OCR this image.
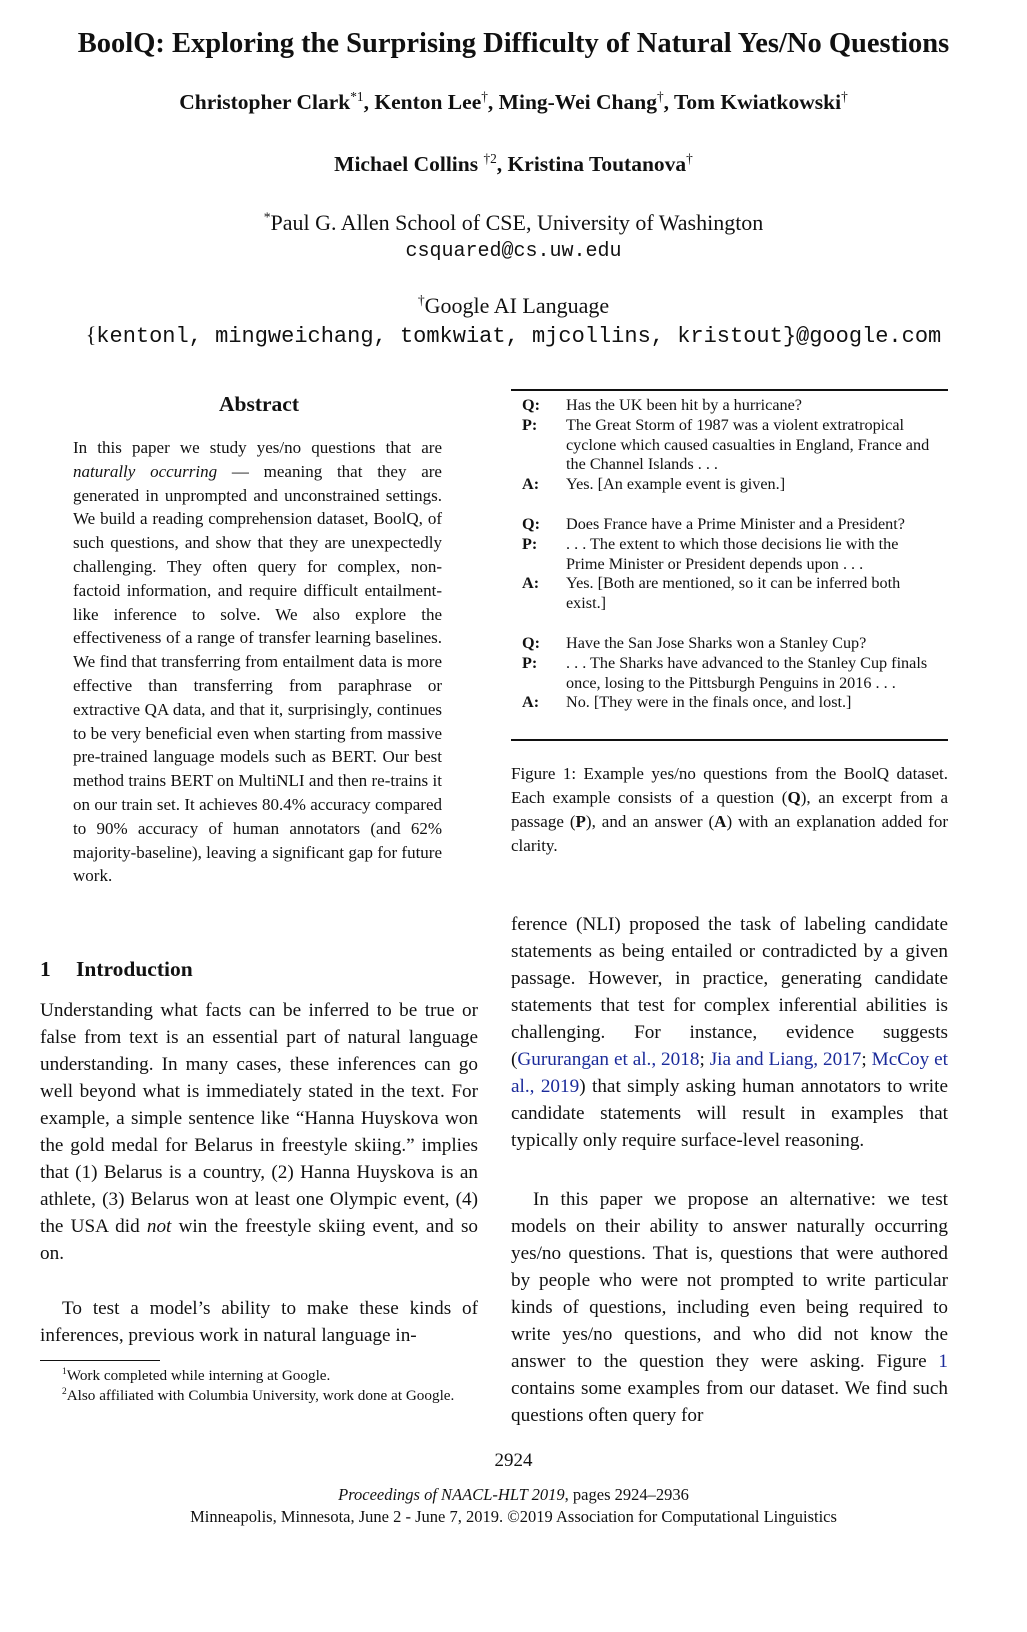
BoolQ: Exploring the Surprising Difficulty of Natural Yes/No Questions
Christopher Clark$^{*1}$, Kenton Lee†, Ming-Wei Chang†, Tom Kwiatkowski†
Michael Collins $^{\dagger 2}$, Kristina Toutanova†
*Paul G. Allen School of CSE, University of Washington
csquared@cs.uw.edu
†Google AI Language
{kentonl, mingweichang, tomkwiat, mjcollins, kristout}@google.com
Abstract
In this paper we study yes/no questions that are naturally occurring — meaning that they are generated in unprompted and unconstrained settings. We build a reading comprehension dataset, BoolQ, of such questions, and show that they are unexpectedly challenging. They often query for complex, non-factoid information, and require difficult entailment-like inference to solve. We also explore the effectiveness of a range of transfer learning baselines. We find that transferring from entailment data is more effective than transferring from paraphrase or extractive QA data, and that it, surprisingly, continues to be very beneficial even when starting from massive pre-trained language models such as BERT. Our best method trains BERT on MultiNLI and then re-trains it on our train set. It achieves 80.4% accuracy compared to 90% accuracy of human annotators (and 62% majority-baseline), leaving a significant gap for future work.
1 Introduction
Understanding what facts can be inferred to be true or false from text is an essential part of natural language understanding. In many cases, these inferences can go well beyond what is immediately stated in the text. For example, a simple sentence like “Hanna Huyskova won the gold medal for Belarus in freestyle skiing.” implies that (1) Belarus is a country, (2) Hanna Huyskova is an athlete, (3) Belarus won at least one Olympic event, (4) the USA did not win the freestyle skiing event, and so on.
To test a model’s ability to make these kinds of inferences, previous work in natural language in-

$^1$Work completed while interning at Google.

$^2$Also affiliated with Columbia University, work done at Google.

Q:	Has the UK been hit by a hurricane?
P:	The Great Storm of 1987 was a violent extratropical cyclone which caused casualties in England, France and the Channel Islands . . .
A:	Yes. [An example event is given.]
Q:	Does France have a Prime Minister and a President?
P:	. . . The extent to which those decisions lie with the Prime Minister or President depends upon . . .
A:	Yes. [Both are mentioned, so it can be inferred both exist.]
Q:	Have the San Jose Sharks won a Stanley Cup?
P:	. . . The Sharks have advanced to the Stanley Cup finals once, losing to the Pittsburgh Penguins in 2016 . . .
A:	No. [They were in the finals once, and lost.]
Figure 1: Example yes/no questions from the BoolQ dataset. Each example consists of a question (Q), an excerpt from a passage (P), and an answer (A) with an explanation added for clarity.
ference (NLI) proposed the task of labeling candidate statements as being entailed or contradicted by a given passage. However, in practice, generating candidate statements that test for complex inferential abilities is challenging. For instance, evidence suggests (Gururangan et al., 2018; Jia and Liang, 2017; McCoy et al., 2019) that simply asking human annotators to write candidate statements will result in examples that typically only require surface-level reasoning.
In this paper we propose an alternative: we test models on their ability to answer naturally occurring yes/no questions. That is, questions that were authored by people who were not prompted to write particular kinds of questions, including even being required to write yes/no questions, and who did not know the answer to the question they were asking. Figure 1 contains some examples from our dataset. We find such questions often query for
2924
Proceedings of NAACL-HLT 2019, pages 2924–2936
Minneapolis, Minnesota, June 2 - June 7, 2019. ©2019 Association for Computational Linguistics
